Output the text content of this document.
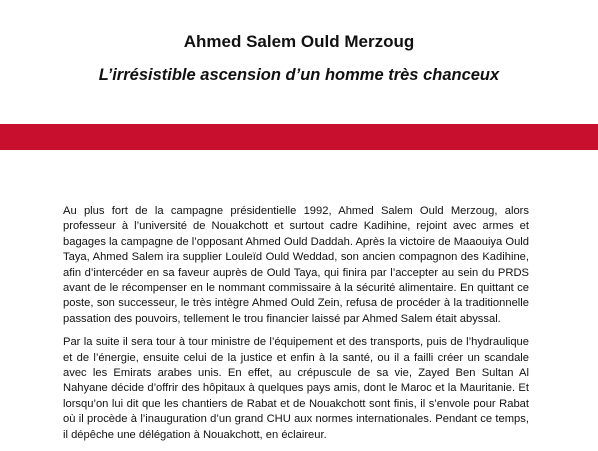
Ahmed Salem Ould Merzoug
L’irrésistible ascension d’un homme très chanceux

Au plus fort de la campagne présidentielle 1992, Ahmed Salem Ould Merzoug, alors professeur à l’université de Nouakchott et surtout cadre Kadihine, rejoint avec armes et bagages la campagne de l’opposant Ahmed Ould Daddah. Après la victoire de Maaouiya Ould Taya, Ahmed Salem ira supplier Louleïd Ould Weddad, son ancien compagnon des Kadihine, afin d’intercéder en sa faveur auprès de Ould Taya, qui finira par l’accepter au sein du PRDS avant de le récompenser en le nommant commissaire à la sécurité alimentaire. En quittant ce poste, son successeur, le très intègre Ahmed Ould Zein, refusa de procéder à la traditionnelle passation des pouvoirs, tellement le trou financier laissé par Ahmed Salem était abyssal.

Par la suite il sera tour à tour ministre de l’équipement et des transports, puis de l’hydraulique et de l’énergie, ensuite celui de la justice et enfin à la santé, ou il a failli créer un scandale avec les Emirats arabes unis. En effet, au crépuscule de sa vie, Zayed Ben Sultan Al Nahyane décide d’offrir des hôpitaux à quelques pays amis, dont le Maroc et la Mauritanie. Et lorsqu’on lui dit que les chantiers de Rabat et de Nouakchott sont finis, il s’envole pour Rabat où il procède à l’inauguration d’un grand CHU aux normes internationales. Pendant ce temps, il dépêche une délégation à Nouakchott, en éclaireur.
